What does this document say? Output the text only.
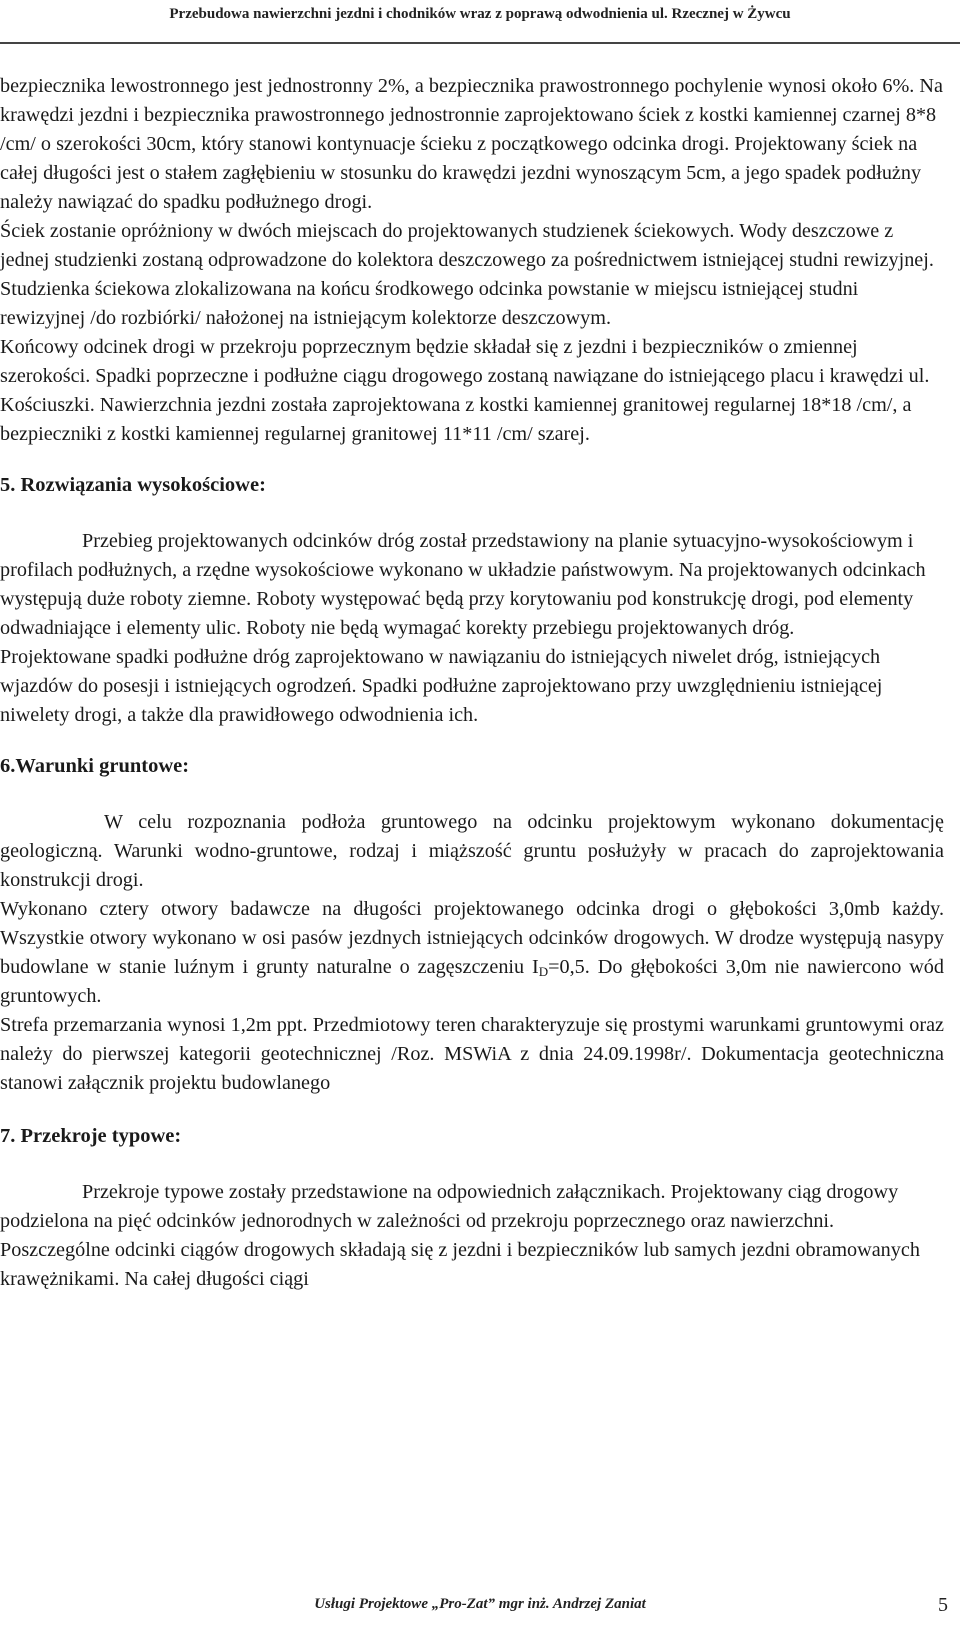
Przebudowa nawierzchni jezdni i chodników wraz z poprawą odwodnienia ul. Rzecznej w Żywcu

bezpiecznika lewostronnego jest jednostronny 2%, a bezpiecznika prawostronnego pochylenie wynosi około 6%. Na krawędzi jezdni i bezpiecznika prawostronnego jednostronnie zaprojektowano ściek z kostki kamiennej czarnej 8*8 /cm/ o szerokości 30cm, który stanowi kontynuacje ścieku z początkowego odcinka drogi. Projektowany ściek na całej długości jest o stałem zagłębieniu w stosunku do krawędzi jezdni wynoszącym 5cm, a jego spadek podłużny należy nawiązać do spadku podłużnego drogi.

Ściek zostanie opróżniony w dwóch miejscach do projektowanych studzienek ściekowych. Wody deszczowe z jednej studzienki zostaną odprowadzone do kolektora deszczowego za pośrednictwem istniejącej studni rewizyjnej. Studzienka ściekowa zlokalizowana na końcu środkowego odcinka powstanie w miejscu istniejącej studni rewizyjnej /do rozbiórki/ nałożonej na istniejącym kolektorze deszczowym.

Końcowy odcinek drogi w przekroju poprzecznym będzie składał się z jezdni i bezpieczników o zmiennej szerokości. Spadki poprzeczne i podłużne ciągu drogowego zostaną nawiązane do istniejącego placu i krawędzi ul. Kościuszki. Nawierzchnia jezdni została zaprojektowana z kostki kamiennej granitowej regularnej 18*18 /cm/, a bezpieczniki z kostki kamiennej regularnej granitowej 11*11 /cm/ szarej.

5. Rozwiązania wysokościowe:

Przebieg projektowanych odcinków dróg został przedstawiony na planie sytuacyjno-wysokościowym i profilach podłużnych, a rzędne wysokościowe wykonano w układzie państwowym. Na projektowanych odcinkach występują duże roboty ziemne. Roboty występować będą przy korytowaniu pod konstrukcję drogi, pod elementy odwadniające i elementy ulic. Roboty nie będą wymagać korekty przebiegu projektowanych dróg.

Projektowane spadki podłużne dróg zaprojektowano w nawiązaniu do istniejących niwelet dróg, istniejących wjazdów do posesji i istniejących ogrodzeń. Spadki podłużne zaprojektowano przy uwzględnieniu istniejącej niwelety drogi, a także dla prawidłowego odwodnienia ich.

6.Warunki gruntowe:

W celu rozpoznania podłoża gruntowego na odcinku projektowym wykonano dokumentację geologiczną. Warunki wodno-gruntowe, rodzaj i miąższość gruntu posłużyły w pracach do zaprojektowania konstrukcji drogi.

Wykonano cztery otwory badawcze na długości projektowanego odcinka drogi o głębokości 3,0mb każdy. Wszystkie otwory wykonano w osi pasów jezdnych istniejących odcinków drogowych. W drodze występują nasypy budowlane w stanie luźnym i grunty naturalne o zagęszczeniu $I_D=0,5$. Do głębokości 3,0m nie nawiercono wód gruntowych.

Strefa przemarzania wynosi 1,2m ppt. Przedmiotowy teren charakteryzuje się prostymi warunkami gruntowymi oraz należy do pierwszej kategorii geotechnicznej /Roz. MSWiA z dnia 24.09.1998r/. Dokumentacja geotechniczna stanowi załącznik projektu budowlanego

7. Przekroje typowe:

Przekroje typowe zostały przedstawione na odpowiednich załącznikach. Projektowany ciąg drogowy podzielona na pięć odcinków jednorodnych w zależności od przekroju poprzecznego oraz nawierzchni. Poszczególne odcinki ciągów drogowych składają się z jezdni i bezpieczników lub samych jezdni obramowanych krawężnikami. Na całej długości ciągi

Usługi Projektowe „Pro-Zat” mgr inż. Andrzej Zaniat	5
